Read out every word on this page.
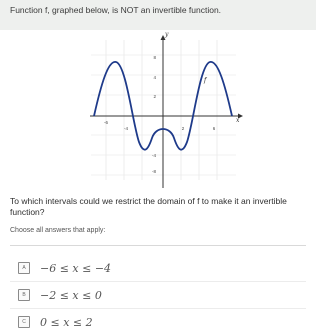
Function f, graphed below, is NOT an invertible function.
y
x
8
4
2
-4
-8
-6
-4	2	6
f
To which intervals could we restrict the domain of f to make it an invertible function?
Choose all answers that apply:
A	−6 ≤ x ≤ −4
B	−2 ≤ x ≤ 0
C	0 ≤ x ≤ 2
